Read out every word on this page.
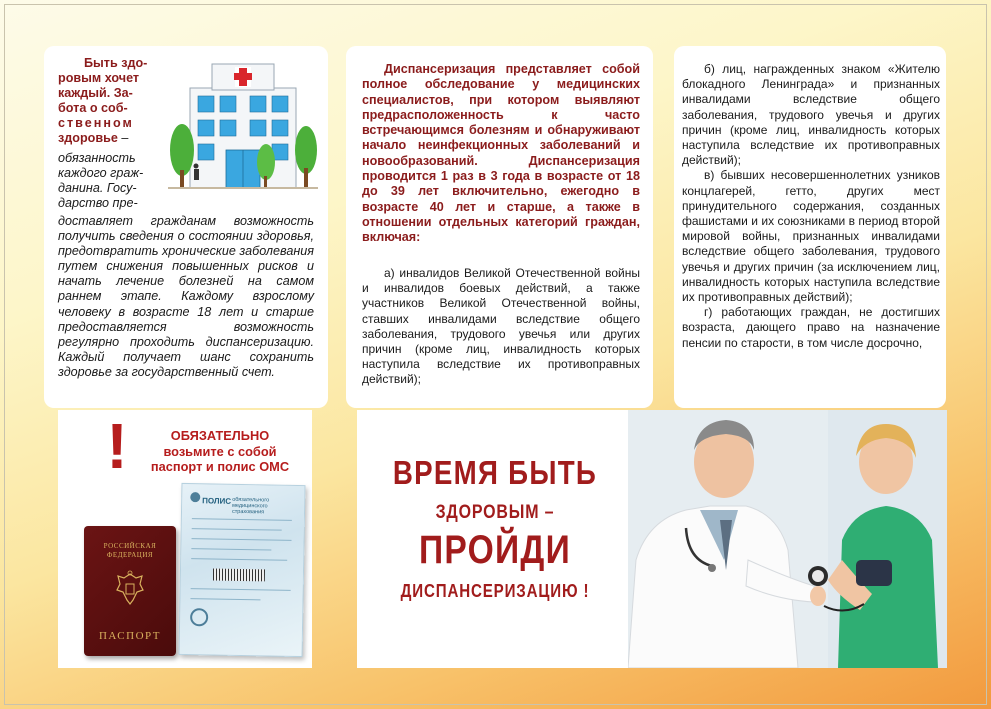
Быть здо-
ровым хочет
каждый. За-
бота о соб-
ственном
здоровье –
обязанность
каждого граж-
данина. Госу-
дарство пре-
доставляет гражданам возможность получить сведения о состоянии здоровья, предотвратить хронические заболевания путем снижения повышенных рисков и начать лечение болезней на самом раннем этапе. Каждому взрослому человеку в возрасте 18 лет и старше предоставляется возможность регулярно проходить диспансеризацию. Каждый получает шанс сохранить здоровье за государственный счет.
Диспансеризация представляет собой полное обследование у медицинских специалистов, при котором выявляют предрасположенность к часто встречающимся болезням и обнаруживают начало неинфекционных заболеваний и новообразований. Диспансеризация проводится 1 раз в 3 года в возрасте от 18 до 39 лет включительно, ежегодно в возрасте 40 лет и старше, а также в отношении отдельных категорий граждан, включая:
а) инвалидов Великой Отечественной войны и инвалидов боевых действий, а также участников Великой Отечественной войны, ставших инвалидами вследствие общего заболевания, трудового увечья или других причин (кроме лиц, инвалидность которых наступила вследствие их противоправных действий);

б) лиц, награжденных знаком «Жителю блокадного Ленинграда» и признанных инвалидами вследствие общего заболевания, трудового увечья и других причин (кроме лиц, инвалидность которых наступила вследствие их противоправных действий);

в) бывших несовершеннолетних узников концлагерей, гетто, других мест принудительного содержания, созданных фашистами и их союзниками в период второй мировой войны, признанных инвалидами вследствие общего заболевания, трудового увечья и других причин (за исключением лиц, инвалидность которых наступила вследствие их противоправных действий);

г) работающих граждан, не достигших возраста, дающего право на назначение пенсии по старости, в том числе досрочно,

!	ОБЯЗАТЕЛЬНО
возьмите с собой
паспорт и полис ОМС
РОССИЙСКАЯ
ФЕДЕРАЦИЯ
ПАСПОРТ
ПОЛИС обязательного медицинского страхования
ВРЕМЯ БЫТЬ
ЗДОРОВЫМ –
ПРОЙДИ
ДИСПАНСЕРИЗАЦИЮ !
